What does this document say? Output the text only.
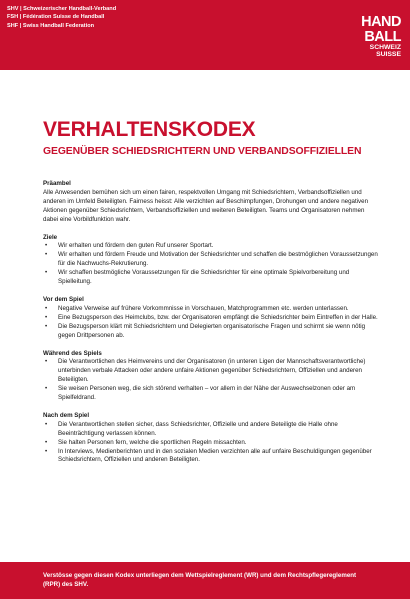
SHV | Schweizerischer Handball-Verband
FSH | Fédération Suisse de Handball
SHF | Swiss Handball Federation	HAND
BALL
SCHWEIZ
SUISSE
VERHALTENSKODEX
GEGENÜBER SCHIEDSRICHTERN UND VERBANDSOFFIZIELLEN
Präambel

Alle Anwesenden bemühen sich um einen fairen, respektvollen Umgang mit Schiedsrichtern, Verbandsoffiziellen und anderen im Umfeld Beteiligten. Fairness heisst: Alle verzichten auf Beschimpfungen, Drohungen und andere negativen Aktionen gegenüber Schiedsrichtern, Verbandsoffiziellen und weiteren Beteiligten. Teams und Organisatoren nehmen dabei eine Vorbildfunktion wahr.

Ziele
• Wir erhalten und fördern den guten Ruf unserer Sportart.
• Wir erhalten und fördern Freude und Motivation der Schiedsrichter und schaffen die bestmöglichen Voraussetzungen für die Nachwuchs-Rekrutierung.
• Wir schaffen bestmögliche Voraussetzungen für die Schiedsrichter für eine optimale Spielvorbereitung und Spielleitung.
Vor dem Spiel
• Negative Verweise auf frühere Vorkommnisse in Vorschauen, Matchprogrammen etc. werden unterlassen.
• Eine Bezugsperson des Heimclubs, bzw. der Organisatoren empfängt die Schiedsrichter beim Eintreffen in der Halle.
• Die Bezugsperson klärt mit Schiedsrichtern und Delegierten organisatorische Fragen und schirmt sie wenn nötig gegen Drittpersonen ab.
Während des Spiels
• Die Verantwortlichen des Heimvereins und der Organisatoren (in unteren Ligen der Mannschaftsverantwortliche) unterbinden verbale Attacken oder andere unfaire Aktionen gegenüber Schiedsrichtern, Offiziellen und anderen Beteiligten.
• Sie weisen Personen weg, die sich störend verhalten – vor allem in der Nähe der Auswechselzonen oder am Spielfeldrand.
Nach dem Spiel
• Die Verantwortlichen stellen sicher, dass Schiedsrichter, Offizielle und andere Beteiligte die Halle ohne Beeinträchtigung verlassen können.
• Sie halten Personen fern, welche die sportlichen Regeln missachten.
• In Interviews, Medienberichten und in den sozialen Medien verzichten alle auf unfaire Beschuldigungen gegenüber Schiedsrichtern, Offiziellen und anderen Beteiligten.
Verstösse gegen diesen Kodex unterliegen dem Wettspielreglement (WR) und dem Rechtspflegereglement (RPR) des SHV.
